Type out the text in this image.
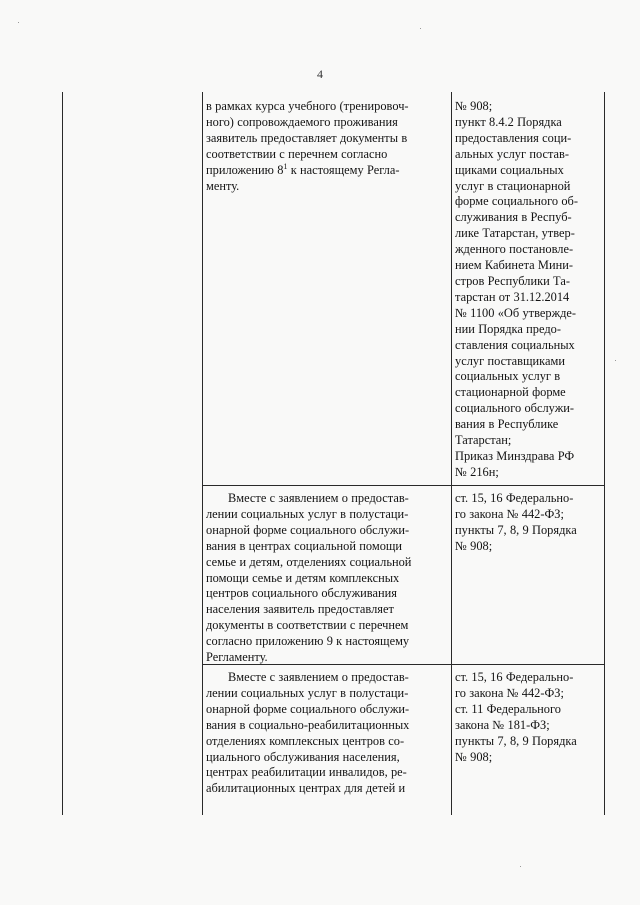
4

в рамках курса учебного (тренировоч-

ного) сопровождаемого проживания

заявитель предоставляет документы в

соответствии с перечнем согласно

приложению $8^1$ к настоящему Регла-

менту.

№ 908;

пункт 8.4.2 Порядка

предоставления соци-

альных услуг постав-

щиками социальных

услуг в стационарной

форме социального об-

служивания в Респуб-

лике Татарстан, утвер-

жденного постановле-

нием Кабинета Мини-

стров Республики Та-

тарстан от 31.12.2014

№ 1100 «Об утвержде-

нии Порядка предо-

ставления социальных

услуг поставщиками

социальных услуг в

стационарной форме

социального обслужи-

вания в Республике

Татарстан;

Приказ Минздрава РФ

№ 216н;

Вместе с заявлением о предостав-

лении социальных услуг в полустаци-

онарной форме социального обслужи-

вания в центрах социальной помощи

семье и детям, отделениях социальной

помощи семье и детям комплексных

центров социального обслуживания

населения заявитель предоставляет

документы в соответствии с перечнем

согласно приложению 9 к настоящему

Регламенту.

ст. 15, 16 Федерально-

го закона № 442-ФЗ;

пункты 7, 8, 9 Порядка

№ 908;

Вместе с заявлением о предостав-

лении социальных услуг в полустаци-

онарной форме социального обслужи-

вания в социально-реабилитационных

отделениях комплексных центров со-

циального обслуживания населения,

центрах реабилитации инвалидов, ре-

абилитационных центрах для детей и

ст. 15, 16 Федерально-

го закона № 442-ФЗ;

ст. 11 Федерального

закона № 181-ФЗ;

пункты 7, 8, 9 Порядка

№ 908;
